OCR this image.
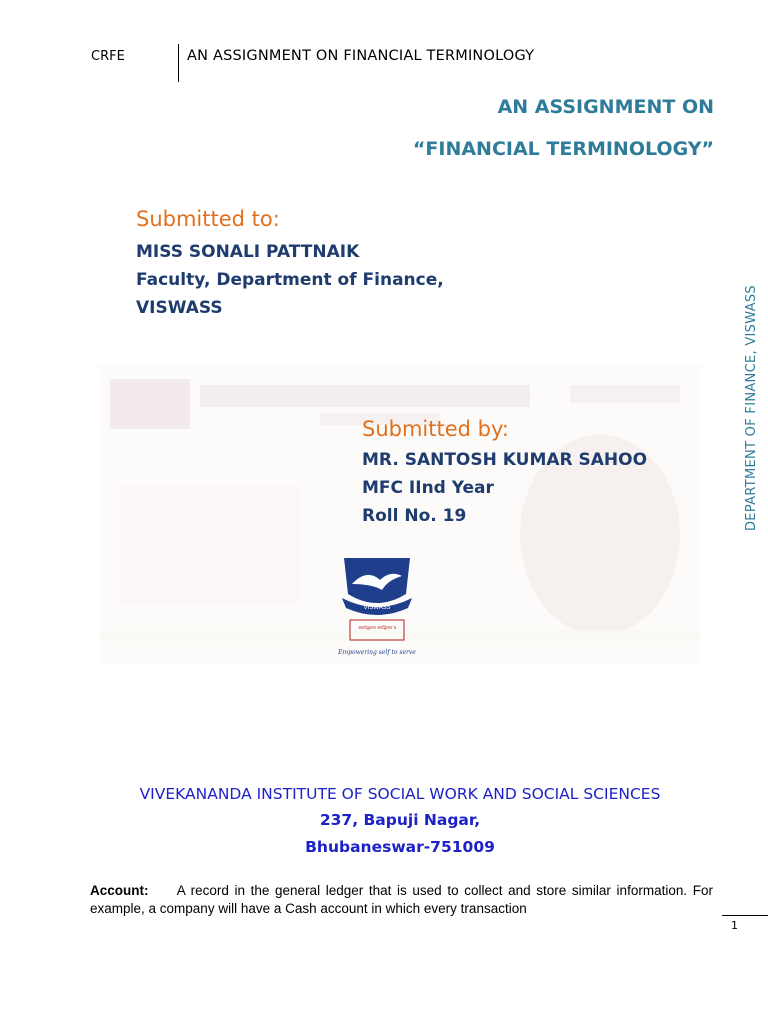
CRFE	AN ASSIGNMENT ON FINANCIAL TERMINOLOGY
AN ASSIGNMENT ON
“FINANCIAL TERMINOLOGY”
Submitted to:
MISS SONALI PATTNAIK
Faculty, Department of Finance,
VISWASS
Submitted by:
MR. SANTOSH KUMAR SAHOO
MFC IInd Year
Roll No. 19	DEPARTMENT OF FINANCE, VISWASS
VISWASS
आत्मोद्धाराय जगद्धिताय च
Empowering self to serve
VIVEKANANDA INSTITUTE OF SOCIAL WORK AND SOCIAL SCIENCES
237, Bapuji Nagar,
Bhubaneswar-751009
Account: A record in the general ledger that is used to collect and store similar information. For example, a company will have a Cash account in which every transaction
1
